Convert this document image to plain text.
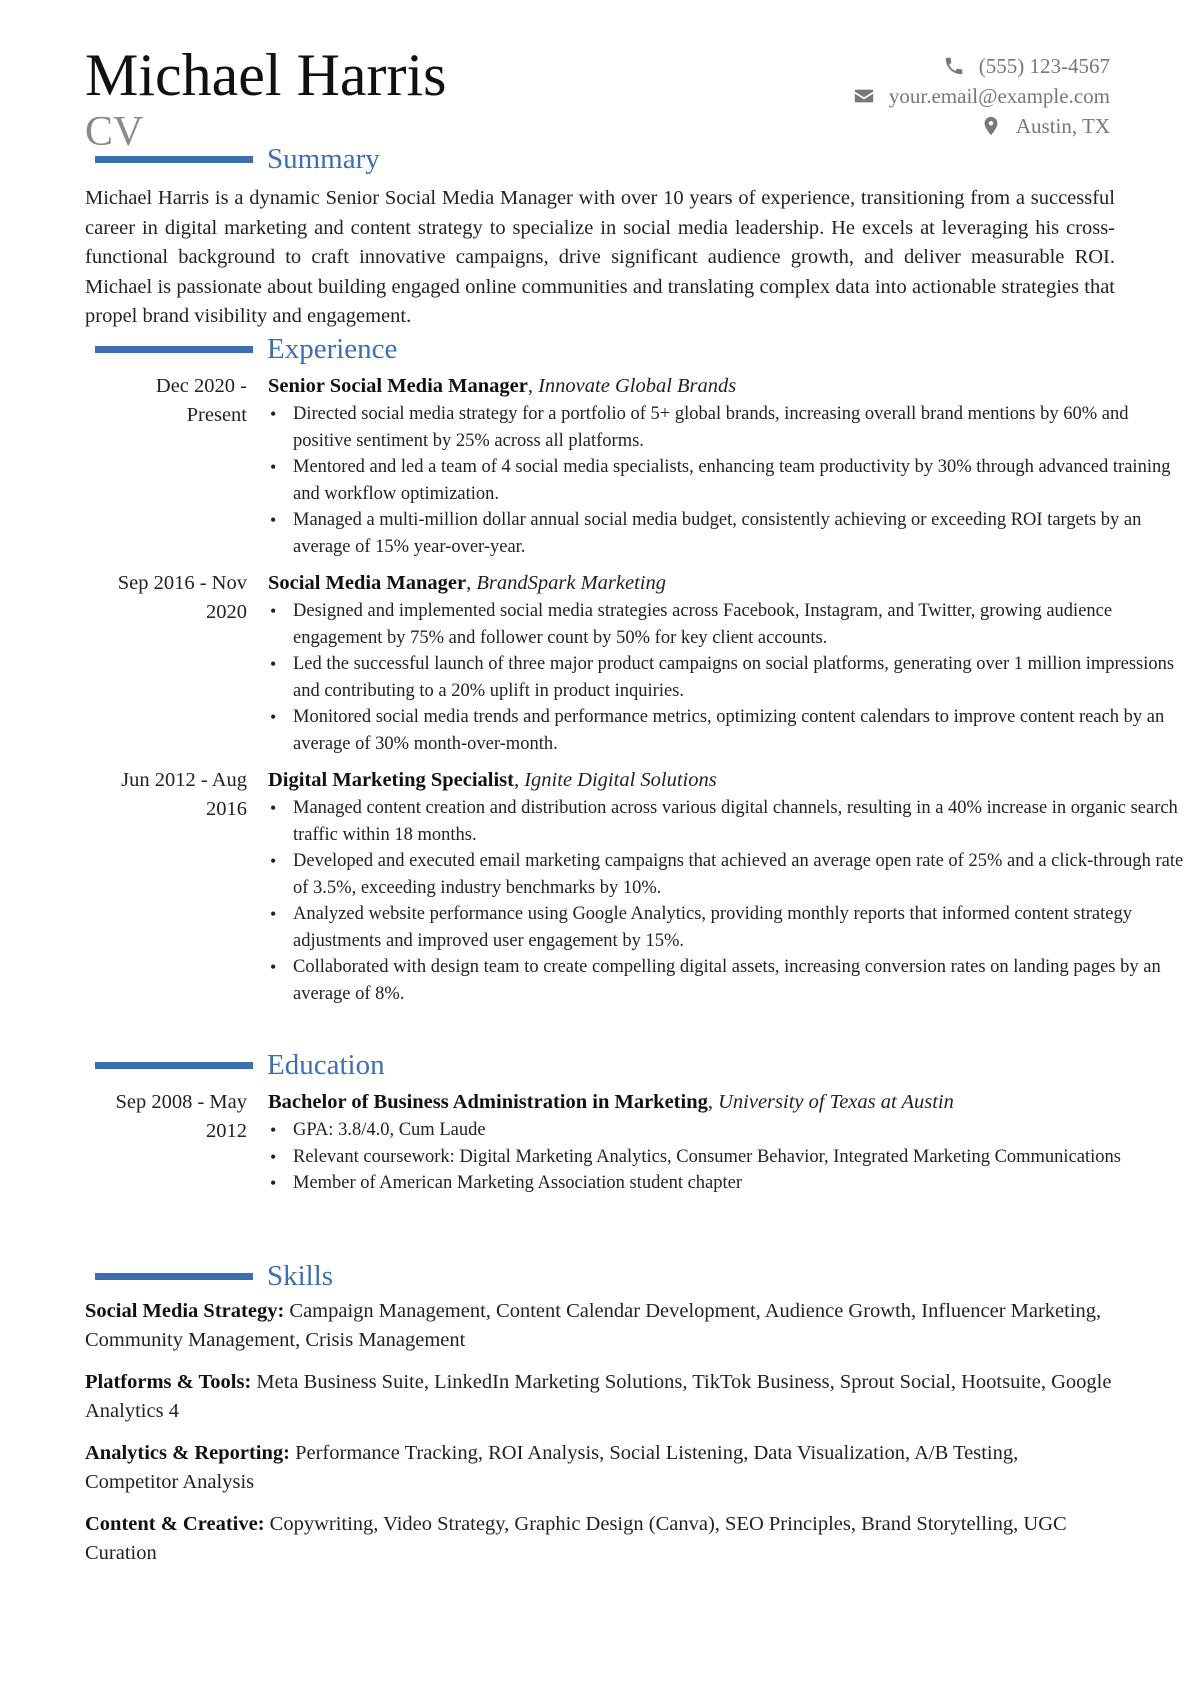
Michael Harris
CV
(555) 123-4567
your.email@example.com
Austin, TX
Summary

Michael Harris is a dynamic Senior Social Media Manager with over 10 years of experience, transitioning from a successful career in digital marketing and content strategy to specialize in social media leadership. He excels at leveraging his cross-functional background to craft innovative campaigns, drive significant audience growth, and deliver measurable ROI. Michael is passionate about building engaged online communities and translating complex data into actionable strategies that propel brand visibility and engagement.

Experience
Dec 2020 -
Present
Senior Social Media Manager, Innovate Global Brands
• Directed social media strategy for a portfolio of 5+ global brands, increasing overall brand mentions by 60% and positive sentiment by 25% across all platforms.
• Mentored and led a team of 4 social media specialists, enhancing team productivity by 30% through advanced training and workflow optimization.
• Managed a multi-million dollar annual social media budget, consistently achieving or exceeding ROI targets by an average of 15% year-over-year.
Sep 2016 - Nov
2020
Social Media Manager, BrandSpark Marketing
• Designed and implemented social media strategies across Facebook, Instagram, and Twitter, growing audience engagement by 75% and follower count by 50% for key client accounts.
• Led the successful launch of three major product campaigns on social platforms, generating over 1 million impressions and contributing to a 20% uplift in product inquiries.
• Monitored social media trends and performance metrics, optimizing content calendars to improve content reach by an average of 30% month-over-month.
Jun 2012 - Aug
2016
Digital Marketing Specialist, Ignite Digital Solutions
• Managed content creation and distribution across various digital channels, resulting in a 40% increase in organic search traffic within 18 months.
• Developed and executed email marketing campaigns that achieved an average open rate of 25% and a click-through rate of 3.5%, exceeding industry benchmarks by 10%.
• Analyzed website performance using Google Analytics, providing monthly reports that informed content strategy adjustments and improved user engagement by 15%.
• Collaborated with design team to create compelling digital assets, increasing conversion rates on landing pages by an average of 8%.
Education
Sep 2008 - May
2012
Bachelor of Business Administration in Marketing, University of Texas at Austin
• GPA: 3.8/4.0, Cum Laude
• Relevant coursework: Digital Marketing Analytics, Consumer Behavior, Integrated Marketing Communications
• Member of American Marketing Association student chapter
Skills
Social Media Strategy: Campaign Management, Content Calendar Development, Audience Growth, Influencer Marketing, Community Management, Crisis Management
Platforms & Tools: Meta Business Suite, LinkedIn Marketing Solutions, TikTok Business, Sprout Social, Hootsuite, Google Analytics 4
Analytics & Reporting: Performance Tracking, ROI Analysis, Social Listening, Data Visualization, A/B Testing, Competitor Analysis
Content & Creative: Copywriting, Video Strategy, Graphic Design (Canva), SEO Principles, Brand Storytelling, UGC Curation
